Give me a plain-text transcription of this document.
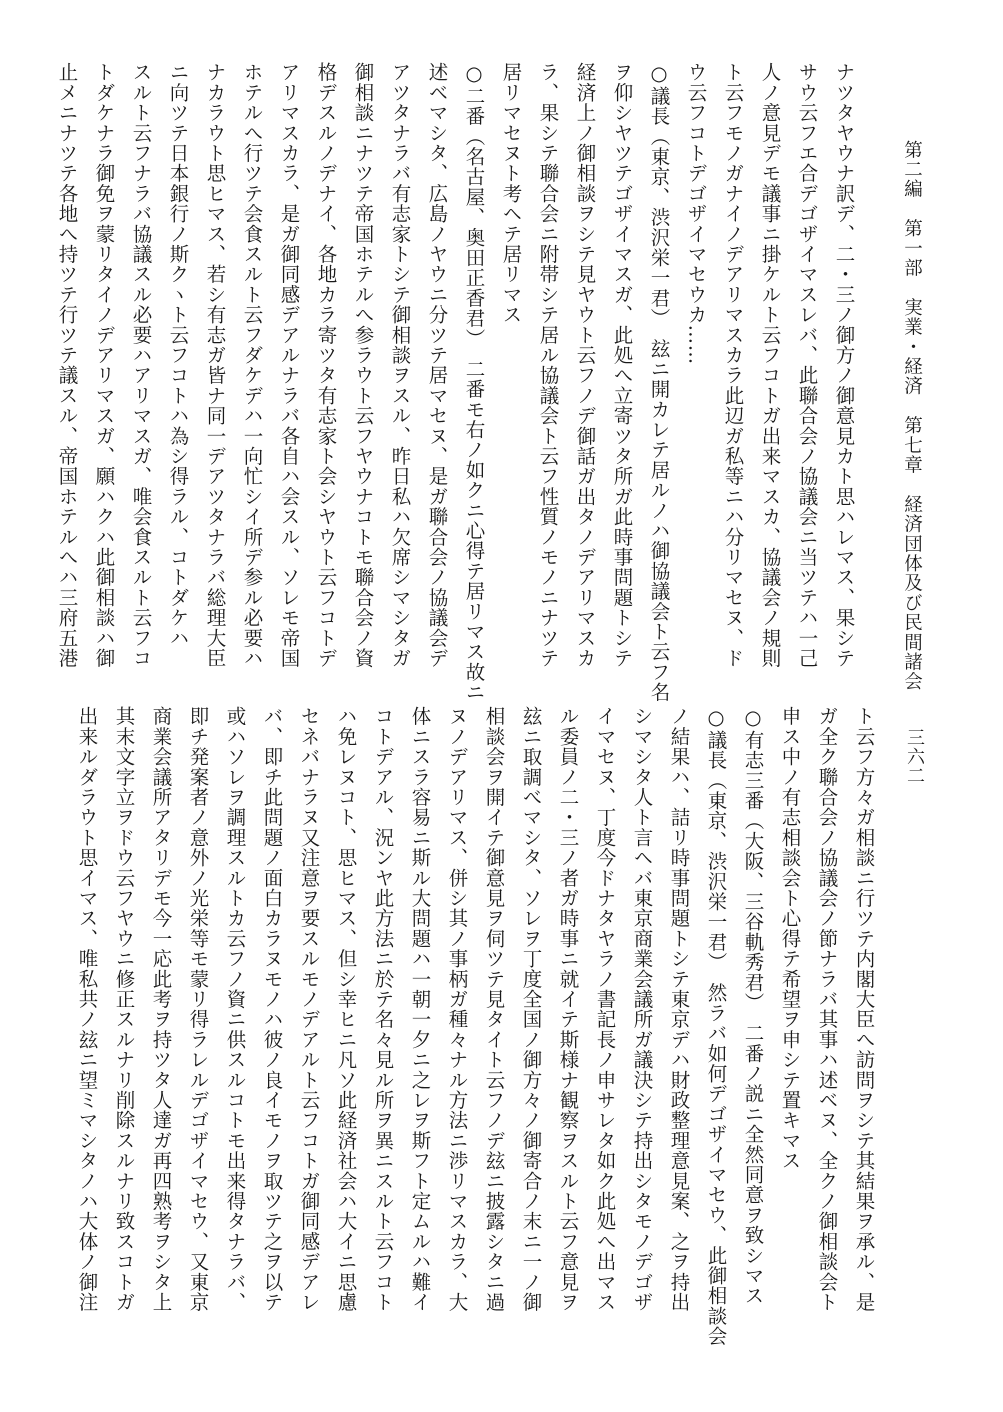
第二編　第一部　実業・経済　第七章　経済団体及び民間諸会
三六二
ナツタヤウナ訳デ、二・三ノ御方ノ御意見カト思ハレマス、果シテ
サウ云フエ合デゴザイマスレバ、此聯合会ノ協議会ニ当ツテハ一己
人ノ意見デモ議事ニ掛ケルト云フコトガ出来マスカ、協議会ノ規則
ト云フモノガナイノデアリマスカラ此辺ガ私等ニハ分リマセヌ、ド
ウ云フコトデゴザイマセウカ……
○議長（東京、渋沢栄一君）　玆ニ開カレテ居ルノハ御協議会ト云フ名
ヲ仰シヤツテゴザイマスガ、此処へ立寄ツタ所ガ此時事問題トシテ
経済上ノ御相談ヲシテ見ヤウト云フノデ御話ガ出タノデアリマスカ
ラ、果シテ聯合会ニ附帯シテ居ル協議会ト云フ性質ノモノニナツテ
居リマセヌト考ヘテ居リマス
○二番（名古屋、奥田正香君）　二番モ右ノ如クニ心得テ居リマス故ニ
述ベマシタ、広島ノヤウニ分ツテ居マセヌ、是ガ聯合会ノ協議会デ
アツタナラバ有志家トシテ御相談ヲスル、昨日私ハ欠席シマシタガ
御相談ニナツテ帝国ホテルへ参ラウト云フヤウナコトモ聯合会ノ資
格デスルノデナイ、各地カラ寄ツタ有志家ト会シヤウト云フコトデ
アリマスカラ、是ガ御同感デアルナラバ各自ハ会スル、ソレモ帝国
ホテルへ行ツテ会食スルト云フダケデハ一向忙シイ所デ参ル必要ハ
ナカラウト思ヒマス、若シ有志ガ皆ナ同一デアツタナラバ総理大臣
ニ向ツテ日本銀行ノ斯クヽト云フコトハ為シ得ラル、コトダケハ
スルト云フナラバ協議スル必要ハアリマスガ、唯会食スルト云フコ
トダケナラ御免ヲ蒙リタイノデアリマスガ、願ハクハ此御相談ハ御
止メニナツテ各地へ持ツテ行ツテ議スル、帝国ホテルへハ三府五港
ト云フ方々ガ相談ニ行ツテ内閣大臣へ訪問ヲシテ其結果ヲ承ル、是
ガ全ク聯合会ノ協議会ノ節ナラバ其事ハ述ベヌ、全クノ御相談会ト
申ス中ノ有志相談会ト心得テ希望ヲ申シテ置キマス
○有志三番（大阪、三谷軌秀君）　二番ノ説ニ全然同意ヲ致シマス
○議長（東京、渋沢栄一君）　然ラバ如何デゴザイマセウ、此御相談会
ノ結果ハ、詰リ時事問題トシテ東京デハ財政整理意見案、之ヲ持出
シマシタ人ト言ヘバ東京商業会議所ガ議決シテ持出シタモノデゴザ
イマセヌ、丁度今ドナタヤラノ書記長ノ申サレタ如ク此処へ出マス
ル委員ノ二・三ノ者ガ時事ニ就イテ斯様ナ観察ヲスルト云フ意見ヲ
玆ニ取調べマシタ、ソレヲ丁度全国ノ御方々ノ御寄合ノ末ニ一ノ御
相談会ヲ開イテ御意見ヲ伺ツテ見タイト云フノデ玆ニ披露シタニ過
ヌノデアリマス、併シ其ノ事柄ガ種々ナル方法ニ渉リマスカラ、大
体ニスラ容易ニ斯ル大問題ハ一朝一夕ニ之レヲ斯フト定ムルハ難イ
コトデアル、況ンヤ此方法ニ於テ名々見ル所ヲ異ニスルト云フコト
ハ免レヌコト、思ヒマス、但シ幸ヒニ凡ソ此経済社会ハ大イニ思慮
セネバナラヌ又注意ヲ要スルモノデアルト云フコトガ御同感デアレ
バ、即チ此問題ノ面白カラヌモノハ彼ノ良イモノヲ取ツテ之ヲ以テ
或ハソレヲ調理スルトカ云フノ資ニ供スルコトモ出来得タナラバ、
即チ発案者ノ意外ノ光栄等モ蒙リ得ラレルデゴザイマセウ、又東京
商業会議所アタリデモ今一応此考ヲ持ツタ人達ガ再四熟考ヲシタ上
其末文字立ヲドウ云フヤウニ修正スルナリ削除スルナリ致スコトガ
出来ルダラウト思イマス、唯私共ノ玆ニ望ミマシタノハ大体ノ御注
